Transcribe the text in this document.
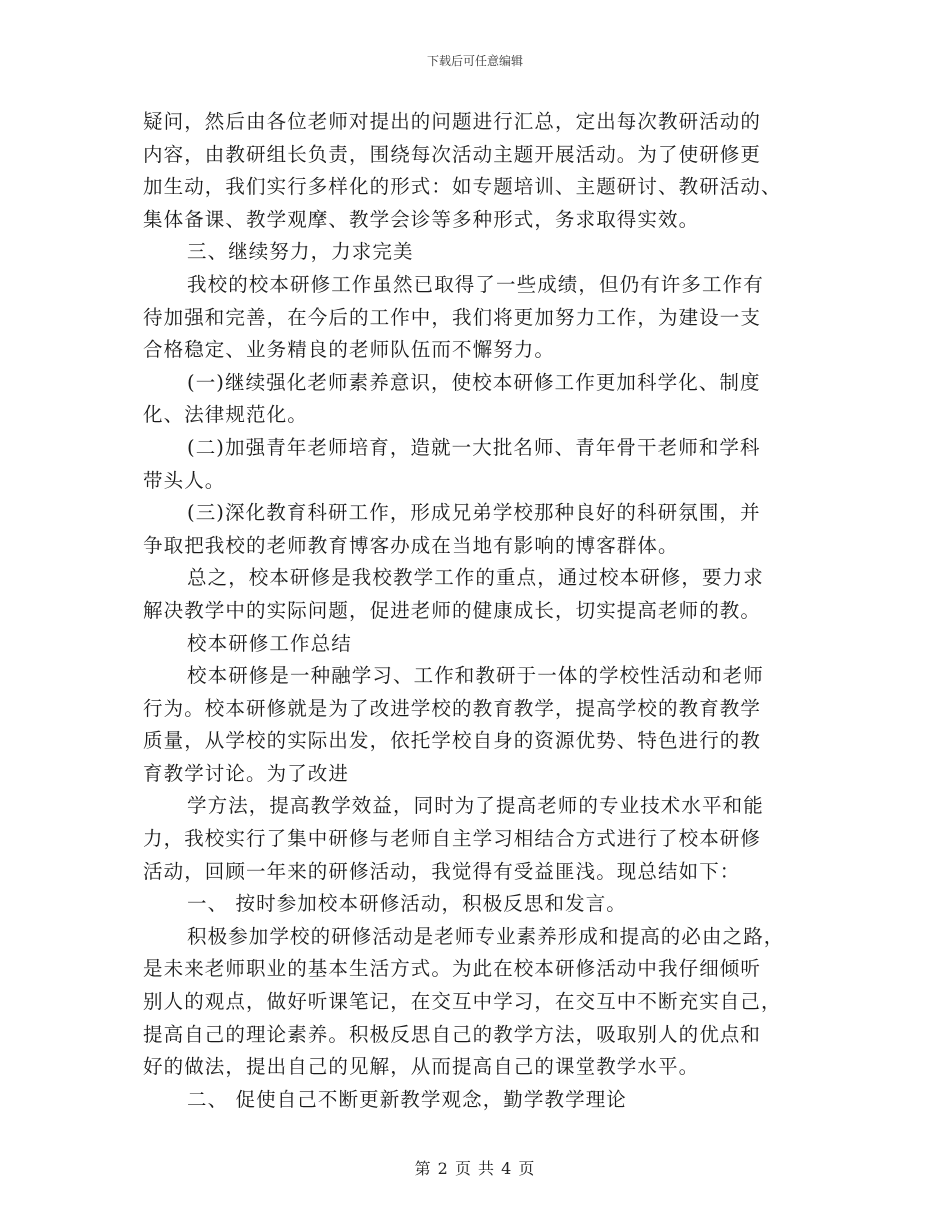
下载后可任意编辑
疑问，然后由各位老师对提出的问题进行汇总，定出每次教研活动的
内容，由教研组长负责，围绕每次活动主题开展活动。为了使研修更
加生动，我们实行多样化的形式：如专题培训、主题研讨、教研活动、
集体备课、教学观摩、教学会诊等多种形式，务求取得实效。
三、继续努力，力求完美
我校的校本研修工作虽然已取得了一些成绩，但仍有许多工作有
待加强和完善，在今后的工作中，我们将更加努力工作，为建设一支
合格稳定、业务精良的老师队伍而不懈努力。
(一)继续强化老师素养意识，使校本研修工作更加科学化、制度
化、法律规范化。
(二)加强青年老师培育，造就一大批名师、青年骨干老师和学科
带头人。
(三)深化教育科研工作，形成兄弟学校那种良好的科研氛围，并
争取把我校的老师教育博客办成在当地有影响的博客群体。
总之，校本研修是我校教学工作的重点，通过校本研修，要力求
解决教学中的实际问题，促进老师的健康成长，切实提高老师的教。
校本研修工作总结
校本研修是一种融学习、工作和教研于一体的学校性活动和老师
行为。校本研修就是为了改进学校的教育教学，提高学校的教育教学
质量，从学校的实际出发，依托学校自身的资源优势、特色进行的教
育教学讨论。为了改进
学方法，提高教学效益，同时为了提高老师的专业技术水平和能
力，我校实行了集中研修与老师自主学习相结合方式进行了校本研修
活动，回顾一年来的研修活动，我觉得有受益匪浅。现总结如下：
一、 按时参加校本研修活动，积极反思和发言。
积极参加学校的研修活动是老师专业素养形成和提高的必由之路，
是未来老师职业的基本生活方式。为此在校本研修活动中我仔细倾听
别人的观点，做好听课笔记，在交互中学习，在交互中不断充实自己，
提高自己的理论素养。积极反思自己的教学方法，吸取别人的优点和
好的做法，提出自己的见解，从而提高自己的课堂教学水平。
二、 促使自己不断更新教学观念，勤学教学理论
第 2 页 共 4 页
